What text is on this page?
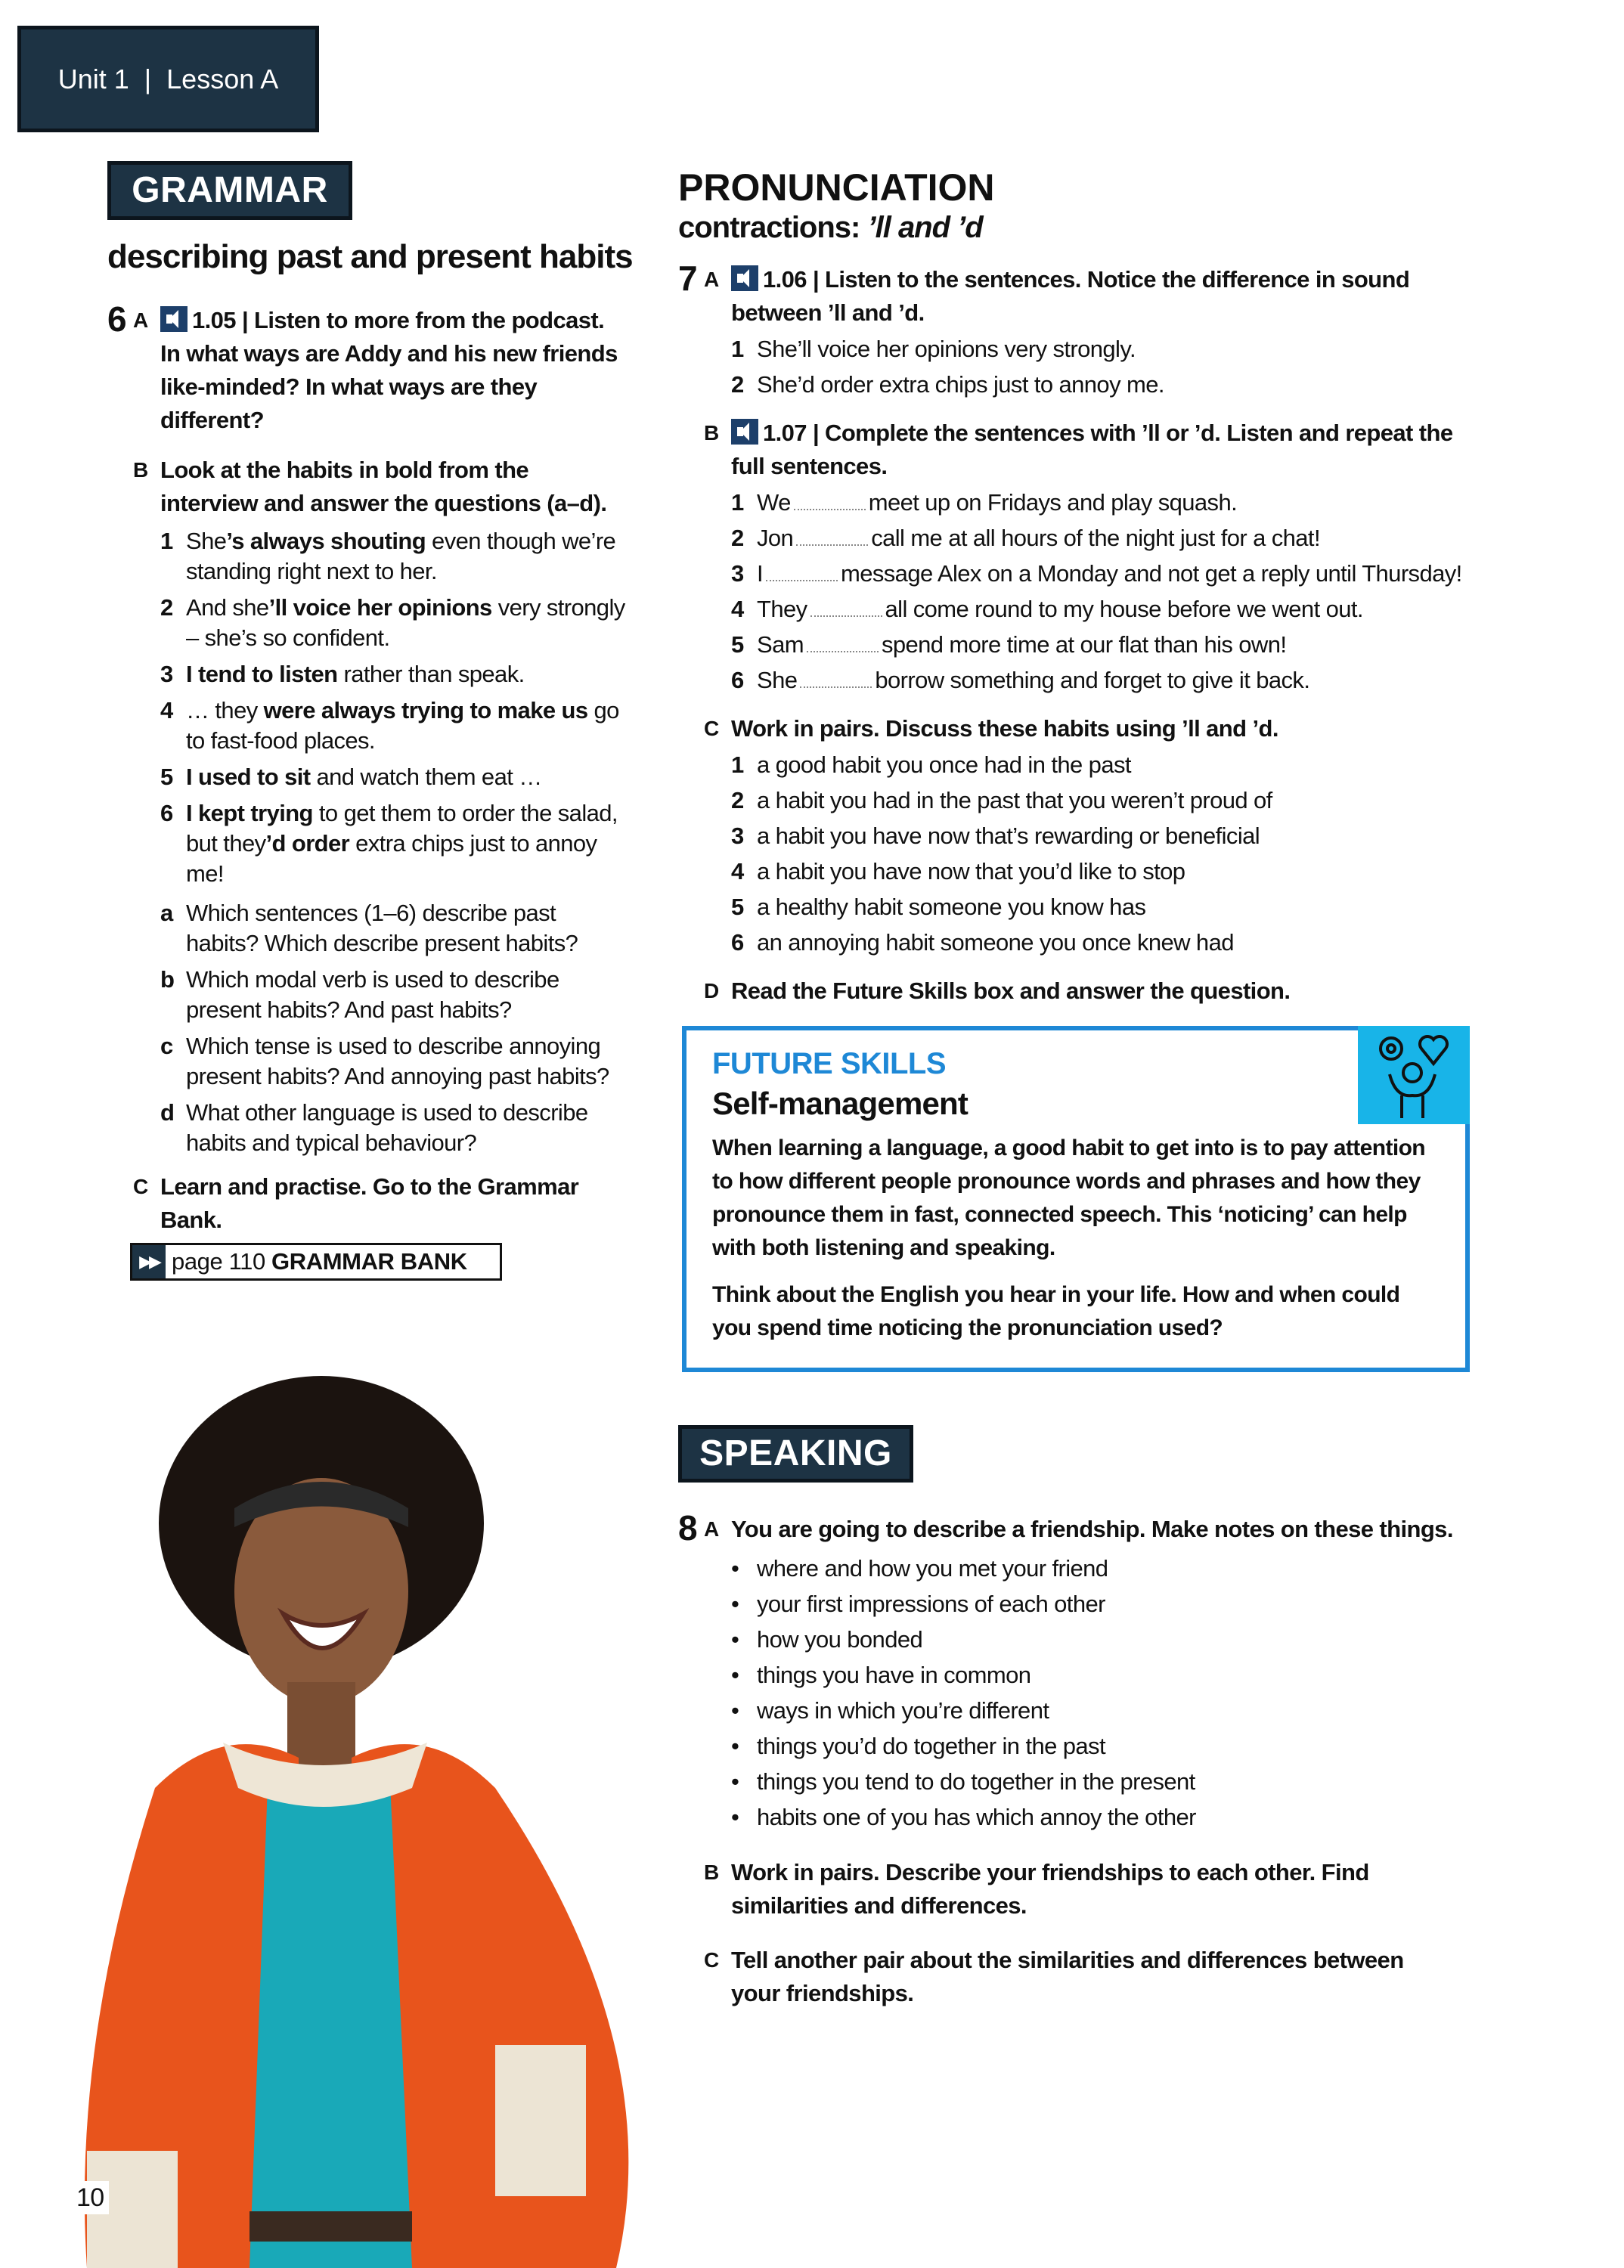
Unit 1
|
Lesson A
GRAMMAR
describing past and present habits
10
6 A 1.05 | Listen to more from the podcast. In what ways are Addy and his new friends like-minded? In what ways are they different?
B Look at the habits in bold from the interview and answer the questions (a–d).
1 She’s always shouting even though we’re standing right next to her.
2 And she’ll voice her opinions very strongly – she’s so confident.
3 I tend to listen rather than speak.
4 … they were always trying to make us go to fast-food places.
5 I used to sit and watch them eat …
6 I kept trying to get them to order the salad, but they’d order extra chips just to annoy me!
a Which sentences (1–6) describe past habits? Which describe present habits?
b Which modal verb is used to describe present habits? And past habits?
c Which tense is used to describe annoying present habits? And annoying past habits?
d What other language is used to describe habits and typical behaviour?
C Learn and practise. Go to the Grammar Bank.
▶▶ page 110
GRAMMAR BANK
PRONUNCIATION
contractions: ’ll and ’d
7 A 1.06 | Listen to the sentences. Notice the difference in sound between ’ll and ’d.
1 She’ll voice her opinions very strongly.
2 She’d order extra chips just to annoy me.
B 1.07 | Complete the sentences with ’ll or ’d. Listen and repeat the full sentences.
1 We	meet up on Fridays and play squash.
2 Jon	call me at all hours of the night just for a chat!
3 I	message Alex on a Monday and not get a reply until Thursday!
4 They	all come round to my house before we went out.
5 Sam	spend more time at our flat than his own!
6 She	borrow something and forget to give it back.
C Work in pairs. Discuss these habits using ’ll and ’d.
1 a good habit you once had in the past
2 a habit you had in the past that you weren’t proud of
3 a habit you have now that’s rewarding or beneficial
4 a habit you have now that you’d like to stop
5 a healthy habit someone you know has
6 an annoying habit someone you once knew had
D Read the Future Skills box and answer the question.
FUTURE SKILLS
Self-management
When learning a language, a good habit to get into is to pay attention to how different people pronounce words and phrases and how they pronounce them in fast, connected speech. This ‘noticing’ can help with both listening and speaking.
Think about the English you hear in your life. How and when could you spend time noticing the pronunciation used?
SPEAKING
8 A You are going to describe a friendship. Make notes on these things.
• where and how you met your friend
• your first impressions of each other
• how you bonded
• things you have in common
• ways in which you’re different
• things you’d do together in the past
• things you tend to do together in the present
• habits one of you has which annoy the other
B Work in pairs. Describe your friendships to each other. Find similarities and differences.
C Tell another pair about the similarities and differences between your friendships.
